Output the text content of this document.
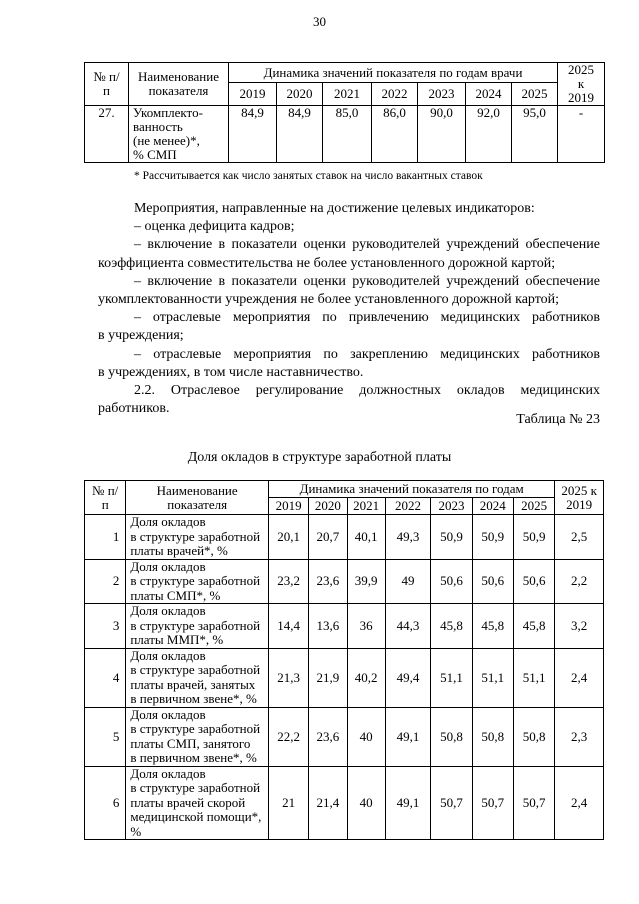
30
№ п/п	Наименование показателя	Динамика значений показателя по годам врачи							2025 к 2019

		2019	2020	2021	2022	2023	2024	2025	
27.	Укомплекто-
ванность
(не менее)*,
% СМП	84,9	84,9	85,0	86,0	90,0	92,0	95,0	-
* Рассчитывается как число занятых ставок на число вакантных ставок

Мероприятия, направленные на достижение целевых индикаторов:

– оценка дефицита кадров;

– включение в показатели оценки руководителей учреждений обеспечение

коэффициента совместительства не более установленного дорожной картой;

– включение в показатели оценки руководителей учреждений обеспечение

укомплектованности учреждения не более установленного дорожной картой;

– отраслевые мероприятия по привлечению медицинских работников

в учреждения;

– отраслевые мероприятия по закреплению медицинских работников

в учреждениях, в том числе наставничество.

2.2. Отраслевое регулирование должностных окладов медицинских

работников.

Таблица № 23
Доля окладов в структуре заработной платы
№ п/п	Наименование показателя	Динамика значений показателя по годам							2025 к 2019

		2019	2020	2021	2022	2023	2024	2025	
1	Доля окладов
в структуре заработной
платы врачей*, %	20,1	20,7	40,1	49,3	50,9	50,9	50,9	2,5
2	Доля окладов
в структуре заработной
платы СМП*, %	23,2	23,6	39,9	49	50,6	50,6	50,6	2,2
3	Доля окладов
в структуре заработной
платы ММП*, %	14,4	13,6	36	44,3	45,8	45,8	45,8	3,2
4	Доля окладов
в структуре заработной
платы врачей, занятых
в первичном звене*, %	21,3	21,9	40,2	49,4	51,1	51,1	51,1	2,4
5	Доля окладов
в структуре заработной
платы СМП, занятого
в первичном звене*, %	22,2	23,6	40	49,1	50,8	50,8	50,8	2,3
6	Доля окладов
в структуре заработной
платы врачей скорой
медицинской помощи*,
%	21	21,4	40	49,1	50,7	50,7	50,7	2,4
